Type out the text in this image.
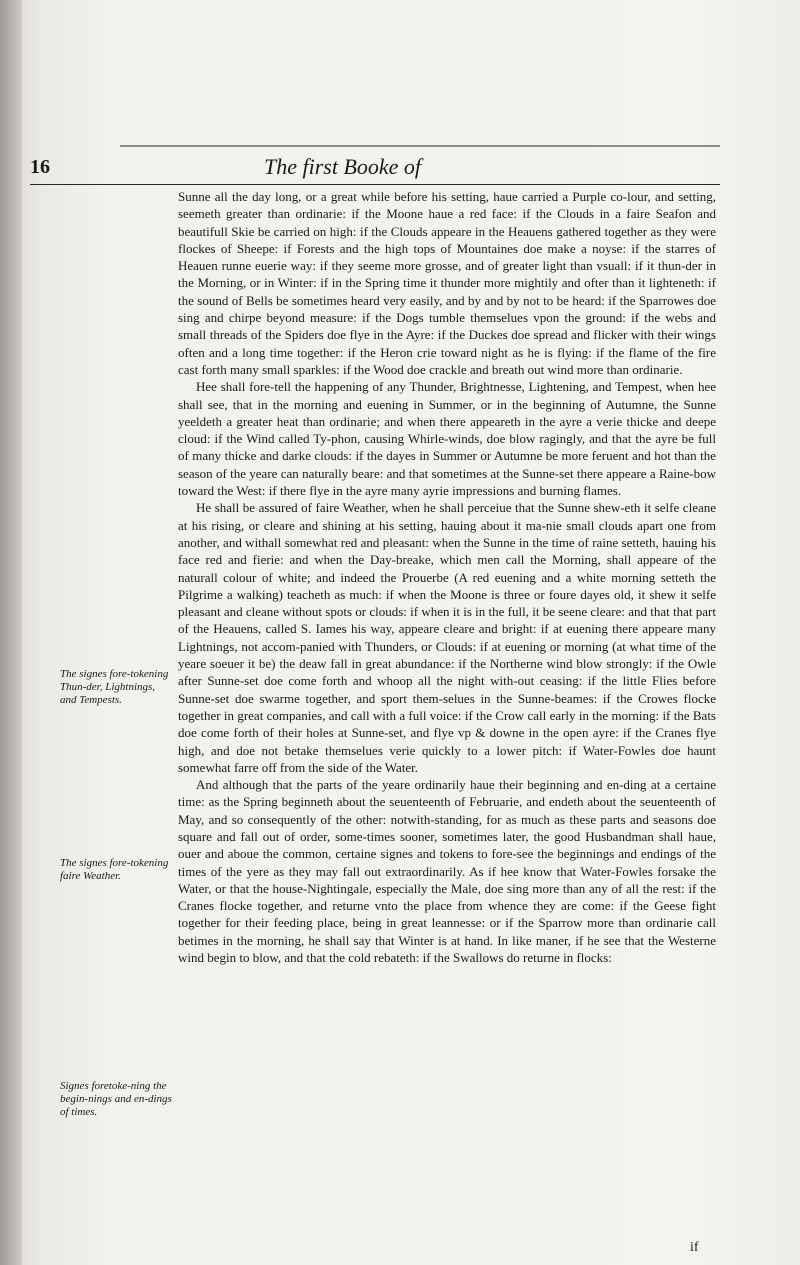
16	The first Booke of
The signes fore-tokening Thun-der, Lightnings, and Tempests.
The signes fore-tokening faire Weather.
Signes foretoke-ning the begin-nings and en-dings of times.

Sunne all the day long, or a great while before his setting, haue carried a Purple co-lour, and setting, seemeth greater than ordinarie: if the Moone haue a red face: if the Clouds in a faire Seafon and beautifull Skie be carried on high: if the Clouds appeare in the Heauens gathered together as they were flockes of Sheepe: if Forests and the high tops of Mountaines doe make a noyse: if the starres of Heauen runne euerie way: if they seeme more grosse, and of greater light than vsuall: if it thun-der in the Morning, or in Winter: if in the Spring time it thunder more mightily and ofter than it lighteneth: if the sound of Bells be sometimes heard very easily, and by and by not to be heard: if the Sparrowes doe sing and chirpe beyond measure: if the Dogs tumble themselues vpon the ground: if the webs and small threads of the Spiders doe flye in the Ayre: if the Duckes doe spread and flicker with their wings often and a long time together: if the Heron crie toward night as he is flying: if the flame of the fire cast forth many small sparkles: if the Wood doe crackle and breath out wind more than ordinarie.

Hee shall fore-tell the happening of any Thunder, Brightnesse, Lightening, and Tempest, when hee shall see, that in the morning and euening in Summer, or in the beginning of Autumne, the Sunne yeeldeth a greater heat than ordinarie; and when there appeareth in the ayre a verie thicke and deepe cloud: if the Wind called Ty-phon, causing Whirle-winds, doe blow ragingly, and that the ayre be full of many thicke and darke clouds: if the dayes in Summer or Autumne be more feruent and hot than the season of the yeare can naturally beare: and that sometimes at the Sunne-set there appeare a Raine-bow toward the West: if there flye in the ayre many ayrie impressions and burning flames.

He shall be assured of faire Weather, when he shall perceiue that the Sunne shew-eth it selfe cleane at his rising, or cleare and shining at his setting, hauing about it ma-nie small clouds apart one from another, and withall somewhat red and pleasant: when the Sunne in the time of raine setteth, hauing his face red and fierie: and when the Day-breake, which men call the Morning, shall appeare of the naturall colour of white; and indeed the Prouerbe (A red euening and a white morning setteth the Pilgrime a walking) teacheth as much: if when the Moone is three or foure dayes old, it shew it selfe pleasant and cleane without spots or clouds: if when it is in the full, it be seene cleare: and that that part of the Heauens, called S. Iames his way, appeare cleare and bright: if at euening there appeare many Lightnings, not accom-panied with Thunders, or Clouds: if at euening or morning (at what time of the yeare soeuer it be) the deaw fall in great abundance: if the Northerne wind blow strongly: if the Owle after Sunne-set doe come forth and whoop all the night with-out ceasing: if the little Flies before Sunne-set doe swarme together, and sport them-selues in the Sunne-beames: if the Crowes flocke together in great companies, and call with a full voice: if the Crow call early in the morning: if the Bats doe come forth of their holes at Sunne-set, and flye vp & downe in the open ayre: if the Cranes flye high, and doe not betake themselues verie quickly to a lower pitch: if Water-Fowles doe haunt somewhat farre off from the side of the Water.

And although that the parts of the yeare ordinarily haue their beginning and en-ding at a certaine time: as the Spring beginneth about the seuenteenth of Februarie, and endeth about the seuenteenth of May, and so consequently of the other: notwith-standing, for as much as these parts and seasons doe square and fall out of order, some-times sooner, sometimes later, the good Husbandman shall haue, ouer and aboue the common, certaine signes and tokens to fore-see the beginnings and endings of the times of the yere as they may fall out extraordinarily. As if hee know that Water-Fowles forsake the Water, or that the house-Nightingale, especially the Male, doe sing more than any of all the rest: if the Cranes flocke together, and returne vnto the place from whence they are come: if the Geese fight together for their feeding place, being in great leannesse: or if the Sparrow more than ordinarie call betimes in the morning, he shall say that Winter is at hand. In like maner, if he see that the Westerne wind begin to blow, and that the cold rebateth: if the Swallows do returne in flocks:

if
